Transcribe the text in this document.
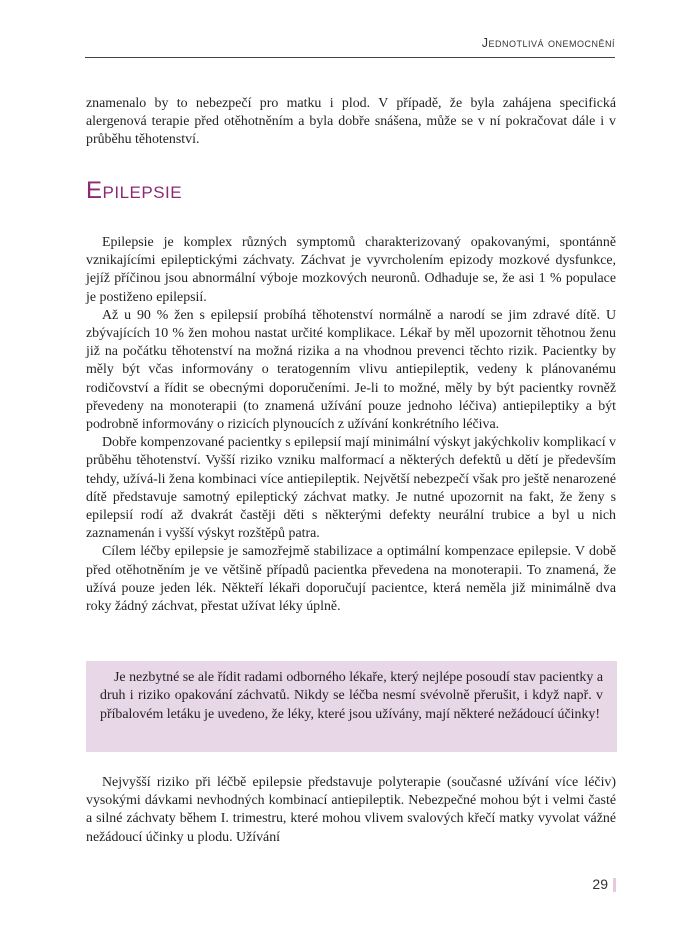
Jednotlivá onemocnění

znamenalo by to nebezpečí pro matku i plod. V případě, že byla zahájena specifická alergenová terapie před otěhotněním a byla dobře snášena, může se v ní pokračovat dále i v průběhu těhotenství.

Epilepsie

Epilepsie je komplex různých symptomů charakterizovaný opakovanými, spontánně vznikajícími epileptickými záchvaty. Záchvat je vyvrcholením epizody mozkové dysfunkce, jejíž příčinou jsou abnormální výboje mozkových neuronů. Odhaduje se, že asi 1 % populace je postiženo epilepsií.

Až u 90 % žen s epilepsií probíhá těhotenství normálně a narodí se jim zdravé dítě. U zbývajících 10 % žen mohou nastat určité komplikace. Lékař by měl upozornit těhotnou ženu již na počátku těhotenství na možná rizika a na vhodnou prevenci těchto rizik. Pacientky by měly být včas informovány o teratogenním vlivu antiepileptik, vedeny k plánovanému rodičovství a řídit se obecnými doporučeními. Je-li to možné, měly by být pacientky rovněž převedeny na monoterapii (to znamená užívání pouze jednoho léčiva) antiepileptiky a být podrobně informovány o rizicích plynoucích z užívání konkrétního léčiva.

Dobře kompenzované pacientky s epilepsií mají minimální výskyt jakýchkoliv komplikací v průběhu těhotenství. Vyšší riziko vzniku malformací a některých defektů u dětí je především tehdy, užívá-li žena kombinaci více antiepileptik. Největší nebezpečí však pro ještě nenarozené dítě představuje samotný epileptický záchvat matky. Je nutné upozornit na fakt, že ženy s epilepsií rodí až dvakrát častěji děti s některými defekty neurální trubice a byl u nich zaznamenán i vyšší výskyt rozštěpů patra.

Cílem léčby epilepsie je samozřejmě stabilizace a optimální kompenzace epilepsie. V době před otěhotněním je ve většině případů pacientka převedena na monoterapii. To znamená, že užívá pouze jeden lék. Někteří lékaři doporučují pacientce, která neměla již minimálně dva roky žádný záchvat, přestat užívat léky úplně.

Je nezbytné se ale řídit radami odborného lékaře, který nejlépe posoudí stav pacientky a druh i riziko opakování záchvatů. Nikdy se léčba nesmí svévolně přerušit, i když např. v příbalovém letáku je uvedeno, že léky, které jsou užívány, mají některé nežádoucí účinky!

Nejvyšší riziko při léčbě epilepsie představuje polyterapie (současné užívání více léčiv) vysokými dávkami nevhodných kombinací antiepileptik. Nebezpečné mohou být i velmi časté a silné záchvaty během I. trimestru, které mohou vlivem svalových křečí matky vyvolat vážné nežádoucí účinky u plodu. Užívání

29
